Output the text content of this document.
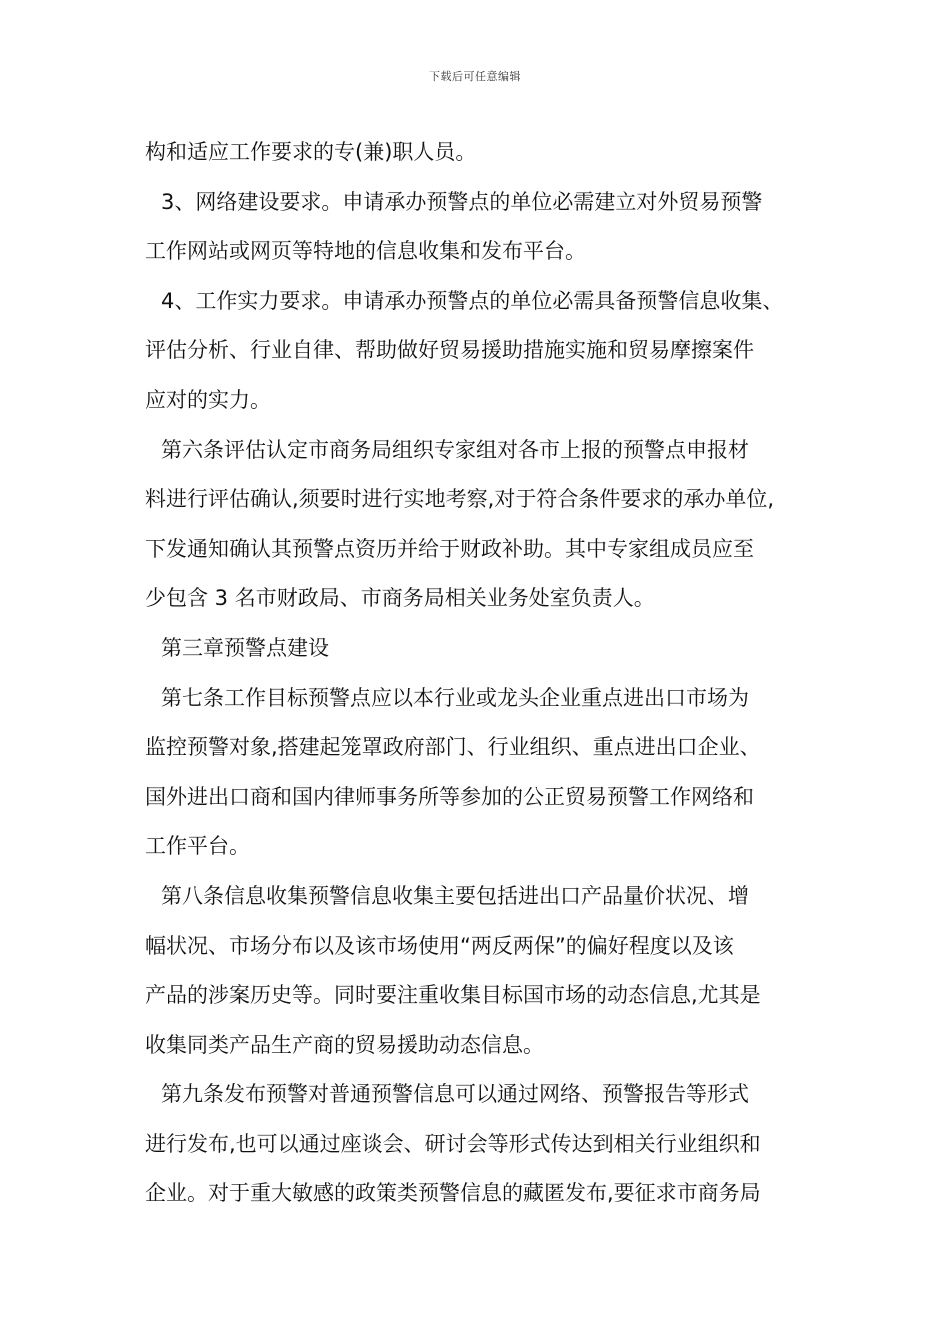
下载后可任意编辑
构和适应工作要求的专(兼)职人员。
3、网络建设要求。申请承办预警点的单位必需建立对外贸易预警
工作网站或网页等特地的信息收集和发布平台。
4、工作实力要求。申请承办预警点的单位必需具备预警信息收集、
评估分析、行业自律、帮助做好贸易援助措施实施和贸易摩擦案件
应对的实力。
第六条评估认定市商务局组织专家组对各市上报的预警点申报材
料进行评估确认,须要时进行实地考察,对于符合条件要求的承办单位,
下发通知确认其预警点资历并给于财政补助。其中专家组成员应至
少包含 3 名市财政局、市商务局相关业务处室负责人。
第三章预警点建设
第七条工作目标预警点应以本行业或龙头企业重点进出口市场为
监控预警对象,搭建起笼罩政府部门、行业组织、重点进出口企业、
国外进出口商和国内律师事务所等参加的公正贸易预警工作网络和
工作平台。
第八条信息收集预警信息收集主要包括进出口产品量价状况、增
幅状况、市场分布以及该市场使用“两反两保”的偏好程度以及该
产品的涉案历史等。同时要注重收集目标国市场的动态信息,尤其是
收集同类产品生产商的贸易援助动态信息。
第九条发布预警对普通预警信息可以通过网络、预警报告等形式
进行发布,也可以通过座谈会、研讨会等形式传达到相关行业组织和
企业。对于重大敏感的政策类预警信息的藏匿发布,要征求市商务局
